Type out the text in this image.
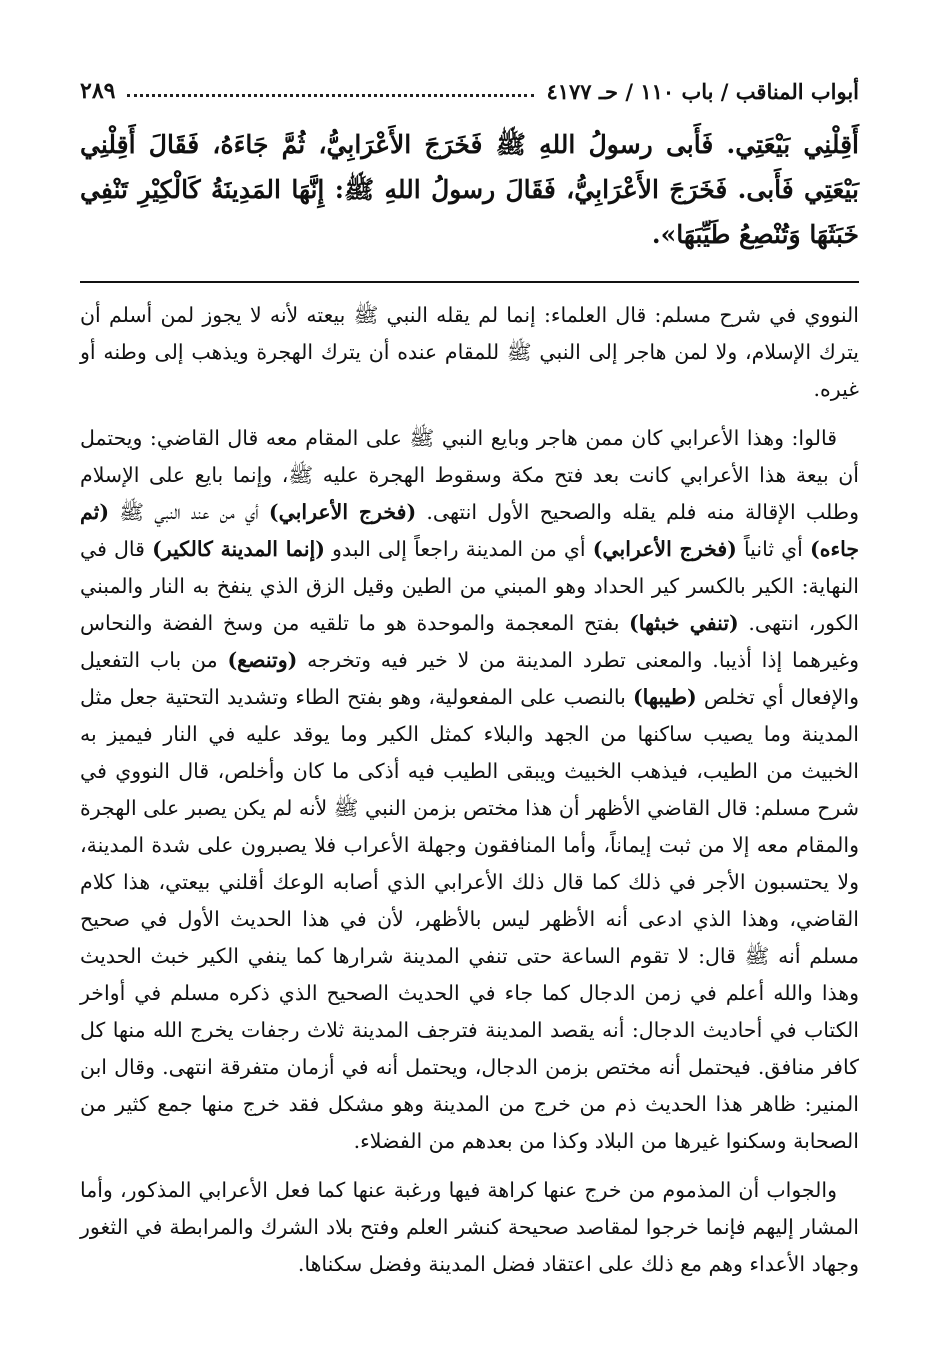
أبواب المناقب / باب ١١٠ / حـ ٤١٧٧
٢٨٩
أَقِلْنِي بَيْعَتِي. فَأَبى رسولُ اللهِ ﷺ فَخَرَجَ الأَعْرَابِيُّ، ثُمَّ جَاءَهُ، فَقَالَ أَقِلْنِي بَيْعَتِي فَأَبى. فَخَرَجَ الأَعْرَابِيُّ، فَقَالَ رسولُ اللهِ ﷺ: إِنَّهَا المَدِينَةُ كَالْكِيْرِ تَنْفِي خَبَثَهَا وَتُنْصِعُ طَيِّبَهَا».

النووي في شرح مسلم: قال العلماء: إنما لم يقله النبي ﷺ بيعته لأنه لا يجوز لمن أسلم أن يترك الإسلام، ولا لمن هاجر إلى النبي ﷺ للمقام عنده أن يترك الهجرة ويذهب إلى وطنه أو غيره.

قالوا: وهذا الأعرابي كان ممن هاجر وبايع النبي ﷺ على المقام معه قال القاضي: ويحتمل أن بيعة هذا الأعرابي كانت بعد فتح مكة وسقوط الهجرة عليه ﷺ، وإنما بايع على الإسلام وطلب الإقالة منه فلم يقله والصحيح الأول انتهى. (فخرج الأعرابي) أي من عند النبي ﷺ (ثم جاءه) أي ثانياً (فخرج الأعرابي) أي من المدينة راجعاً إلى البدو (إنما المدينة كالكير) قال في النهاية: الكير بالكسر كير الحداد وهو المبني من الطين وقيل الزق الذي ينفخ به النار والمبني الكور، انتهى. (تنفي خبثها) بفتح المعجمة والموحدة هو ما تلقيه من وسخ الفضة والنحاس وغيرهما إذا أذيبا. والمعنى تطرد المدينة من لا خير فيه وتخرجه (وتنصع) من باب التفعيل والإفعال أي تخلص (طيبها) بالنصب على المفعولية، وهو بفتح الطاء وتشديد التحتية جعل مثل المدينة وما يصيب ساكنها من الجهد والبلاء كمثل الكير وما يوقد عليه في النار فيميز به الخبيث من الطيب، فيذهب الخبيث ويبقى الطيب فيه أذكى ما كان وأخلص، قال النووي في شرح مسلم: قال القاضي الأظهر أن هذا مختص بزمن النبي ﷺ لأنه لم يكن يصبر على الهجرة والمقام معه إلا من ثبت إيماناً، وأما المنافقون وجهلة الأعراب فلا يصبرون على شدة المدينة، ولا يحتسبون الأجر في ذلك كما قال ذلك الأعرابي الذي أصابه الوعك أقلني بيعتي، هذا كلام القاضي، وهذا الذي ادعى أنه الأظهر ليس بالأظهر، لأن في هذا الحديث الأول في صحيح مسلم أنه ﷺ قال: لا تقوم الساعة حتى تنفي المدينة شرارها كما ينفي الكير خبث الحديث وهذا والله أعلم في زمن الدجال كما جاء في الحديث الصحيح الذي ذكره مسلم في أواخر الكتاب في أحاديث الدجال: أنه يقصد المدينة فترجف المدينة ثلاث رجفات يخرج الله منها كل كافر منافق. فيحتمل أنه مختص بزمن الدجال، ويحتمل أنه في أزمان متفرقة انتهى. وقال ابن المنير: ظاهر هذا الحديث ذم من خرج من المدينة وهو مشكل فقد خرج منها جمع كثير من الصحابة وسكنوا غيرها من البلاد وكذا من بعدهم من الفضلاء.

والجواب أن المذموم من خرج عنها كراهة فيها ورغبة عنها كما فعل الأعرابي المذكور، وأما المشار إليهم فإنما خرجوا لمقاصد صحيحة كنشر العلم وفتح بلاد الشرك والمرابطة في الثغور وجهاد الأعداء وهم مع ذلك على اعتقاد فضل المدينة وفضل سكناها.
